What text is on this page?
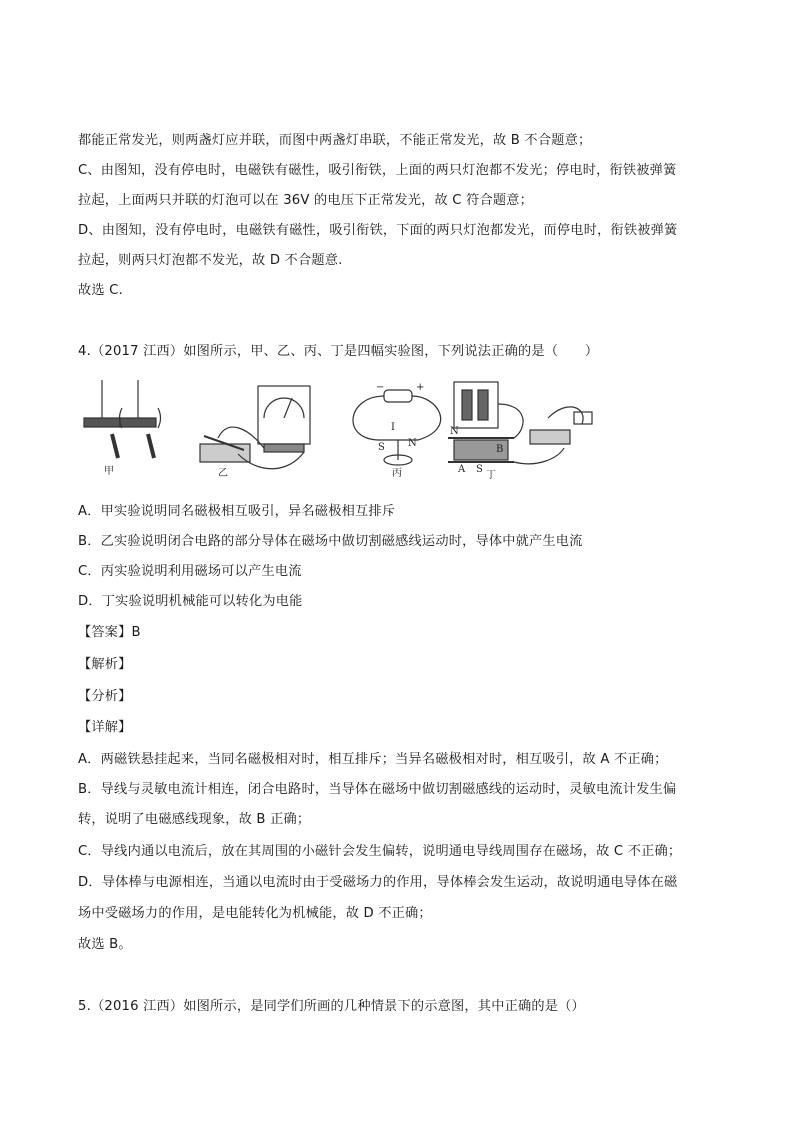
都能正常发光，则两盏灯应并联，而图中两盏灯串联，不能正常发光，故 B 不合题意；
C、由图知，没有停电时，电磁铁有磁性，吸引衔铁，上面的两只灯泡都不发光；停电时，衔铁被弹簧
拉起，上面两只并联的灯泡可以在 36V 的电压下正常发光，故 C 符合题意；
D、由图知，没有停电时，电磁铁有磁性，吸引衔铁，下面的两只灯泡都发光，而停电时，衔铁被弹簧
拉起，则两只灯泡都不发光，故 D 不合题意.
故选 C.
4.（2017 江西）如图所示，甲、乙、丙、丁是四幅实验图，下列说法正确的是（　　）
甲	乙
I
S N
+
−
丙
N
B
A S
丁
A．甲实验说明同名磁极相互吸引，异名磁极相互排斥
B．乙实验说明闭合电路的部分导体在磁场中做切割磁感线运动时，导体中就产生电流
C．丙实验说明利用磁场可以产生电流
D．丁实验说明机械能可以转化为电能
【答案】B
【解析】
【分析】
【详解】
A．两磁铁悬挂起来，当同名磁极相对时，相互排斥；当异名磁极相对时，相互吸引，故 A 不正确；
B．导线与灵敏电流计相连，闭合电路时，当导体在磁场中做切割磁感线的运动时，灵敏电流计发生偏
转，说明了电磁感线现象，故 B 正确；
C．导线内通以电流后，放在其周围的小磁针会发生偏转，说明通电导线周围存在磁场，故 C 不正确；
D．导体棒与电源相连，当通以电流时由于受磁场力的作用，导体棒会发生运动，故说明通电导体在磁
场中受磁场力的作用，是电能转化为机械能，故 D 不正确；
故选 B。
5.（2016 江西）如图所示，是同学们所画的几种情景下的示意图，其中正确的是（）
